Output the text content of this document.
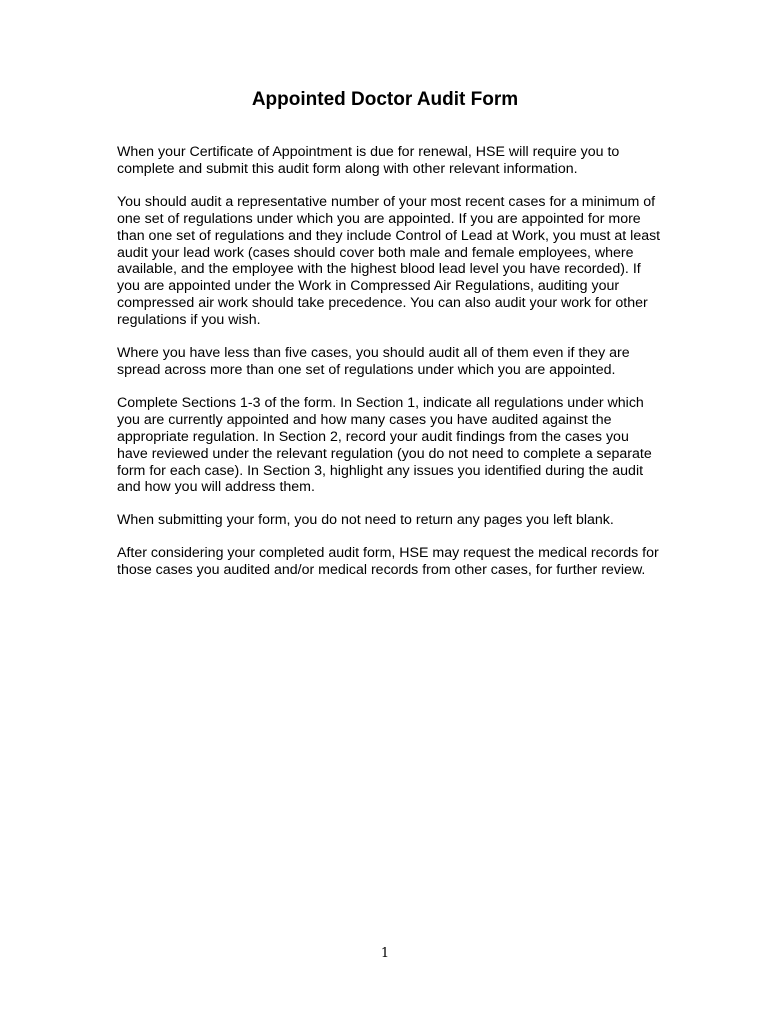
Appointed Doctor Audit Form

When your Certificate of Appointment is due for renewal, HSE will require you to complete and submit this audit form along with other relevant information.

You should audit a representative number of your most recent cases for a minimum of one set of regulations under which you are appointed. If you are appointed for more than one set of regulations and they include Control of Lead at Work, you must at least audit your lead work (cases should cover both male and female employees, where available, and the employee with the highest blood lead level you have recorded). If you are appointed under the Work in Compressed Air Regulations, auditing your compressed air work should take precedence. You can also audit your work for other regulations if you wish.

Where you have less than five cases, you should audit all of them even if they are spread across more than one set of regulations under which you are appointed.

Complete Sections 1-3 of the form. In Section 1, indicate all regulations under which you are currently appointed and how many cases you have audited against the appropriate regulation. In Section 2, record your audit findings from the cases you have reviewed under the relevant regulation (you do not need to complete a separate form for each case). In Section 3, highlight any issues you identified during the audit and how you will address them.

When submitting your form, you do not need to return any pages you left blank.

After considering your completed audit form, HSE may request the medical records for those cases you audited and/or medical records from other cases, for further review.

1
